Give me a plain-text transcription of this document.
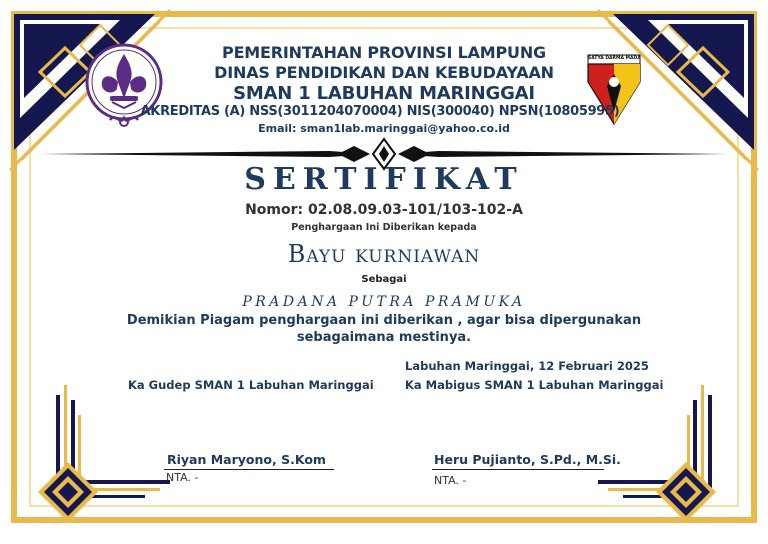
SATYA DARMA MADA
PEMERINTAHAN PROVINSI LAMPUNG
DINAS PENDIDIKAN DAN KEBUDAYAAN
SMAN 1 LABUHAN MARINGGAI
AKREDITAS (A) NSS(3011204070004) NIS(300040) NPSN(10805995)
Email: sman1lab.maringgai@yahoo.co.id
SERTIFIKAT
Nomor: 02.08.09.03-101/103-102-A
Penghargaan Ini Diberikan kepada
Bayu kurniawan
Sebagai
PRADANA PUTRA PRAMUKA
Demikian Piagam penghargaan ini diberikan , agar bisa dipergunakan
sebagaimana mestinya.
Labuhan Maringgai, 12 Februari 2025
Ka Gudep SMAN 1 Labuhan Maringgai	Ka Mabigus SMAN 1 Labuhan Maringgai
Riyan Maryono, S.Kom
NTA. -
Heru Pujianto, S.Pd., M.Si.
NTA. -
